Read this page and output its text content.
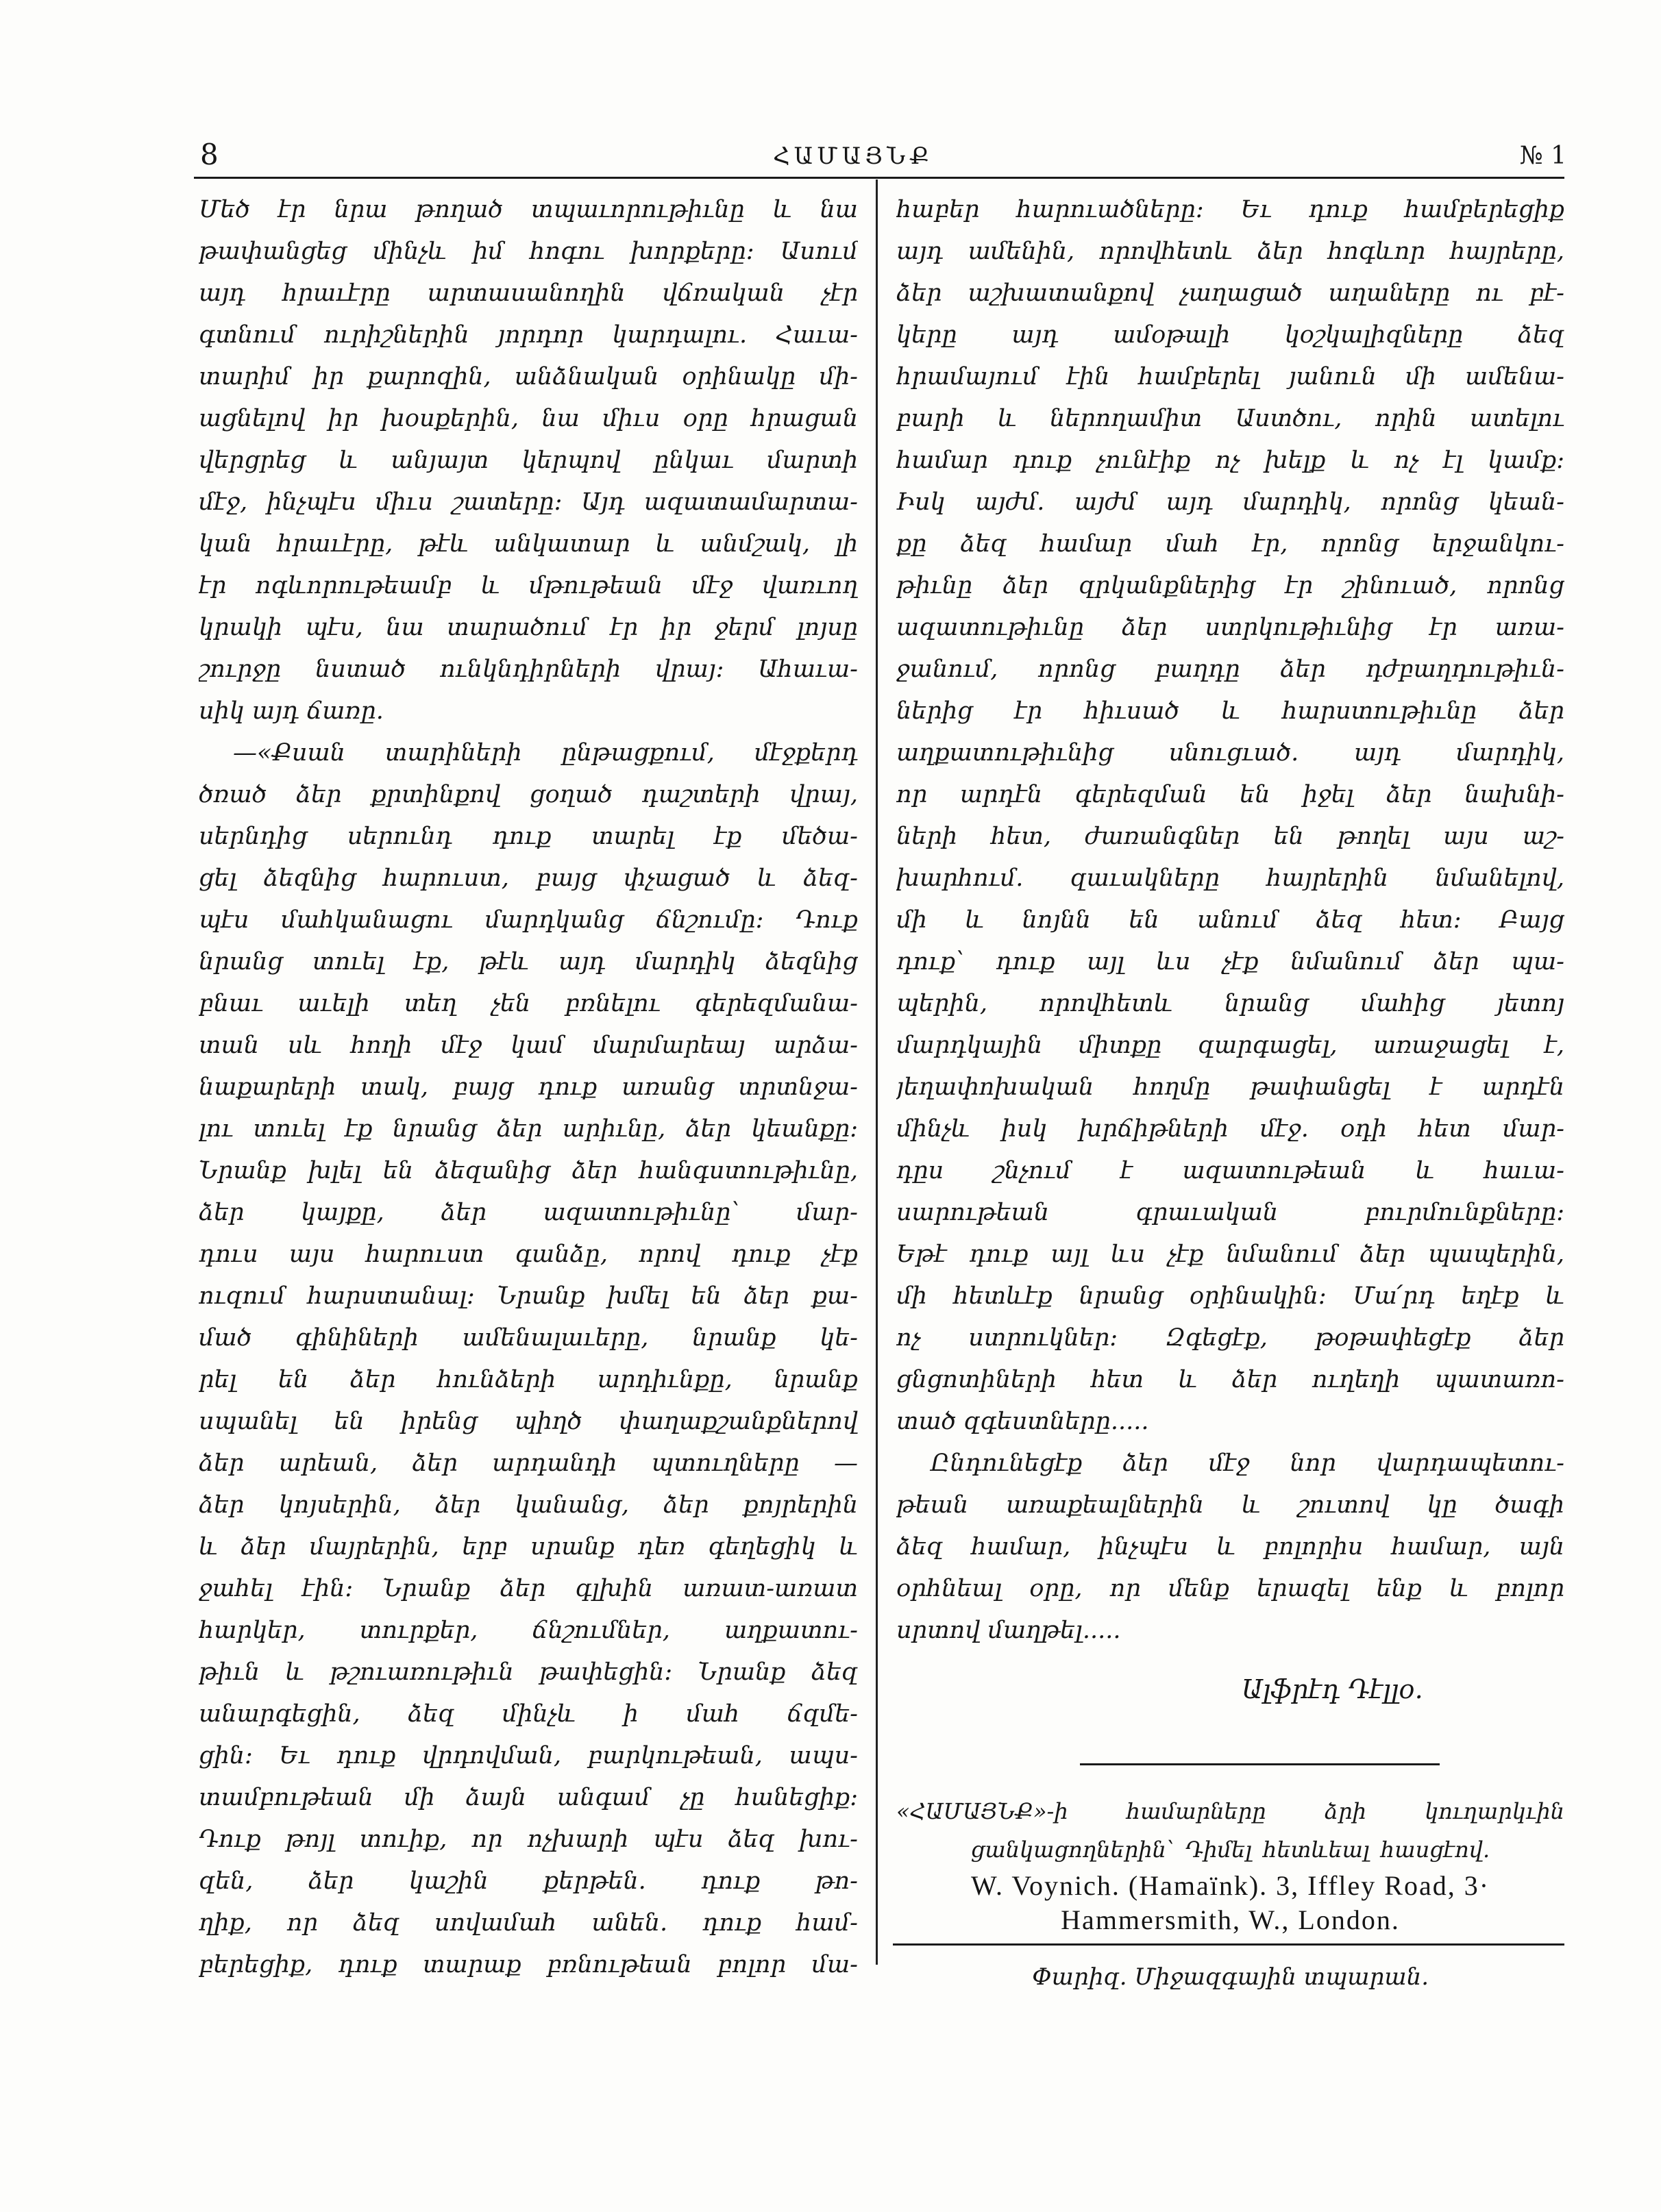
8	ՀԱՄԱՅՆՔ	№ 1
Մեծ էր նրա թողած տպաւորութիւնը և նա
թափանցեց մինչև իմ հոգու խորքերը: Ասում
այդ հրաւէրը արտասանողին վճռական չէր
գտնում ուրիշներին յորդոր կարդալու. Հաւա-
տարիմ իր քարոզին, անձնական օրինակը մի-
ացնելով իր խօսքերին, նա միւս օրը հրացան
վերցրեց և անյայտ կերպով ընկաւ մարտի
մէջ, ինչպէս միւս շատերը: Այդ ազատամարտա-
կան հրաւէրը, թէև անկատար և անմշակ, լի
էր ոգևորութեամբ և մթութեան մէջ վառւող
կրակի պէս, նա տարածում էր իր ջերմ լոյսը
շուրջը նստած ունկնդիրների վրայ: Ահաւա-
սիկ այդ ճառը.
—«Քսան տարիների ընթացքում, մէջքերդ
ծռած ձեր քրտինքով ցօղած դաշտերի վրայ,
սերնդից սերունդ դուք տարել էք մեծա-
ցել ձեզնից հարուստ, բայց փչացած և ձեզ-
պէս մահկանացու մարդկանց ճնշումը: Դուք
նրանց տուել էք, թէև այդ մարդիկ ձեզնից
բնաւ աւելի տեղ չեն բռնելու գերեզմանա-
տան սև հողի մէջ կամ մարմարեայ արձա-
նաքարերի տակ, բայց դուք առանց տրտնջա-
լու տուել էք նրանց ձեր արիւնը, ձեր կեանքը:
Նրանք խլել են ձեզանից ձեր հանգստութիւնը,
ձեր կայքը, ձեր ազատութիւնը՝ մար-
դուս այս հարուստ գանձը, որով դուք չէք
ուզում հարստանալ: Նրանք խմել են ձեր քա-
մած գինիների ամենալաւերը, նրանք կե-
րել են ձեր հունձերի արդիւնքը, նրանք
սպանել են իրենց պիղծ փաղաքշանքներով
ձեր արեան, ձեր արդանդի պտուղները —
ձեր կոյսերին, ձեր կանանց, ձեր քոյրերին
և ձեր մայրերին, երբ սրանք դեռ գեղեցիկ և
ջահել էին: Նրանք ձեր գլխին առատ-առատ
հարկեր, տուրքեր, ճնշումներ, աղքատու-
թիւն և թշուառութիւն թափեցին: Նրանք ձեզ
անարգեցին, ձեզ մինչև ի մահ ճզմե-
ցին: Եւ դուք վրդովման, բարկութեան, ապս-
տամբութեան մի ձայն անգամ չը հանեցիք:
Դուք թոյլ տուիք, որ ոչխարի պէս ձեզ խու-
զեն, ձեր կաշին քերթեն. դուք թո-
ղիք, որ ձեզ սովամահ անեն. դուք համ-
բերեցիք, դուք տարաք բռնութեան բոլոր մա-
հաբեր հարուածները: Եւ դուք համբերեցիք
այդ ամենին, որովհետև ձեր հոգևոր հայրերը,
ձեր աշխատանքով չաղացած աղաները ու բէ-
կերը այդ ամօթալի կօշկալիզները ձեզ
հրամայում էին համբերել յանուն մի ամենա-
բարի և ներողամիտ Աստծու, որին ատելու
համար դուք չունէիք ոչ խելք և ոչ էլ կամք:
Իսկ այժմ. այժմ այդ մարդիկ, որոնց կեան-
քը ձեզ համար մահ էր, որոնց երջանկու-
թիւնը ձեր զրկանքներից էր շինուած, որոնց
ազատութիւնը ձեր ստրկութիւնից էր առա-
ջանում, որոնց բաղդը ձեր դժբաղդութիւն-
ներից էր հիւսած և հարստութիւնը ձեր
աղքատութիւնից սնուցւած. այդ մարդիկ,
որ արդէն գերեզման են իջել ձեր նախնի-
ների հետ, ժառանգներ են թողել այս աշ-
խարհում. զաւակները հայրերին նմանելով,
մի և նոյնն են անում ձեզ հետ: Բայց
դուք՝ դուք այլ ևս չէք նմանում ձեր պա-
պերին, որովհետև նրանց մահից յետոյ
մարդկային միտքը զարգացել, առաջացել է,
յեղափոխական հողմը թափանցել է արդէն
մինչև իսկ խրճիթների մէջ. օդի հետ մար-
դըս շնչում է ազատութեան և հաւա-
սարութեան գրաւական բուրմունքները:
Եթէ դուք այլ ևս չէք նմանում ձեր պապերին,
մի հետևէք նրանց օրինակին: Մա՛րդ եղէք և
ոչ ստրուկներ: Զգեցէք, թօթափեցէք ձեր
ցնցոտիների հետ և ձեր ուղեղի պատառո-
տած զգեստները.....
Ընդունեցէք ձեր մէջ նոր վարդապետու-
թեան առաքեալներին և շուտով կը ծագի
ձեզ համար, ինչպէս և բոլորիս համար, այն
օրհնեալ օրը, որ մենք երազել ենք և բոլոր
սրտով մաղթել.....
Ալֆրէդ Դէլլօ.
«ՀԱՄԱՅՆՔ»-ի համարները ձրի կուղարկւին
ցանկացողներին՝ Դիմել հետևեալ հասցէով.
W. Voynich. (Hamaïnk). 3, Iffley Road, 3·
Hammersmith, W., London.
Փարիզ. Միջազգային տպարան.
